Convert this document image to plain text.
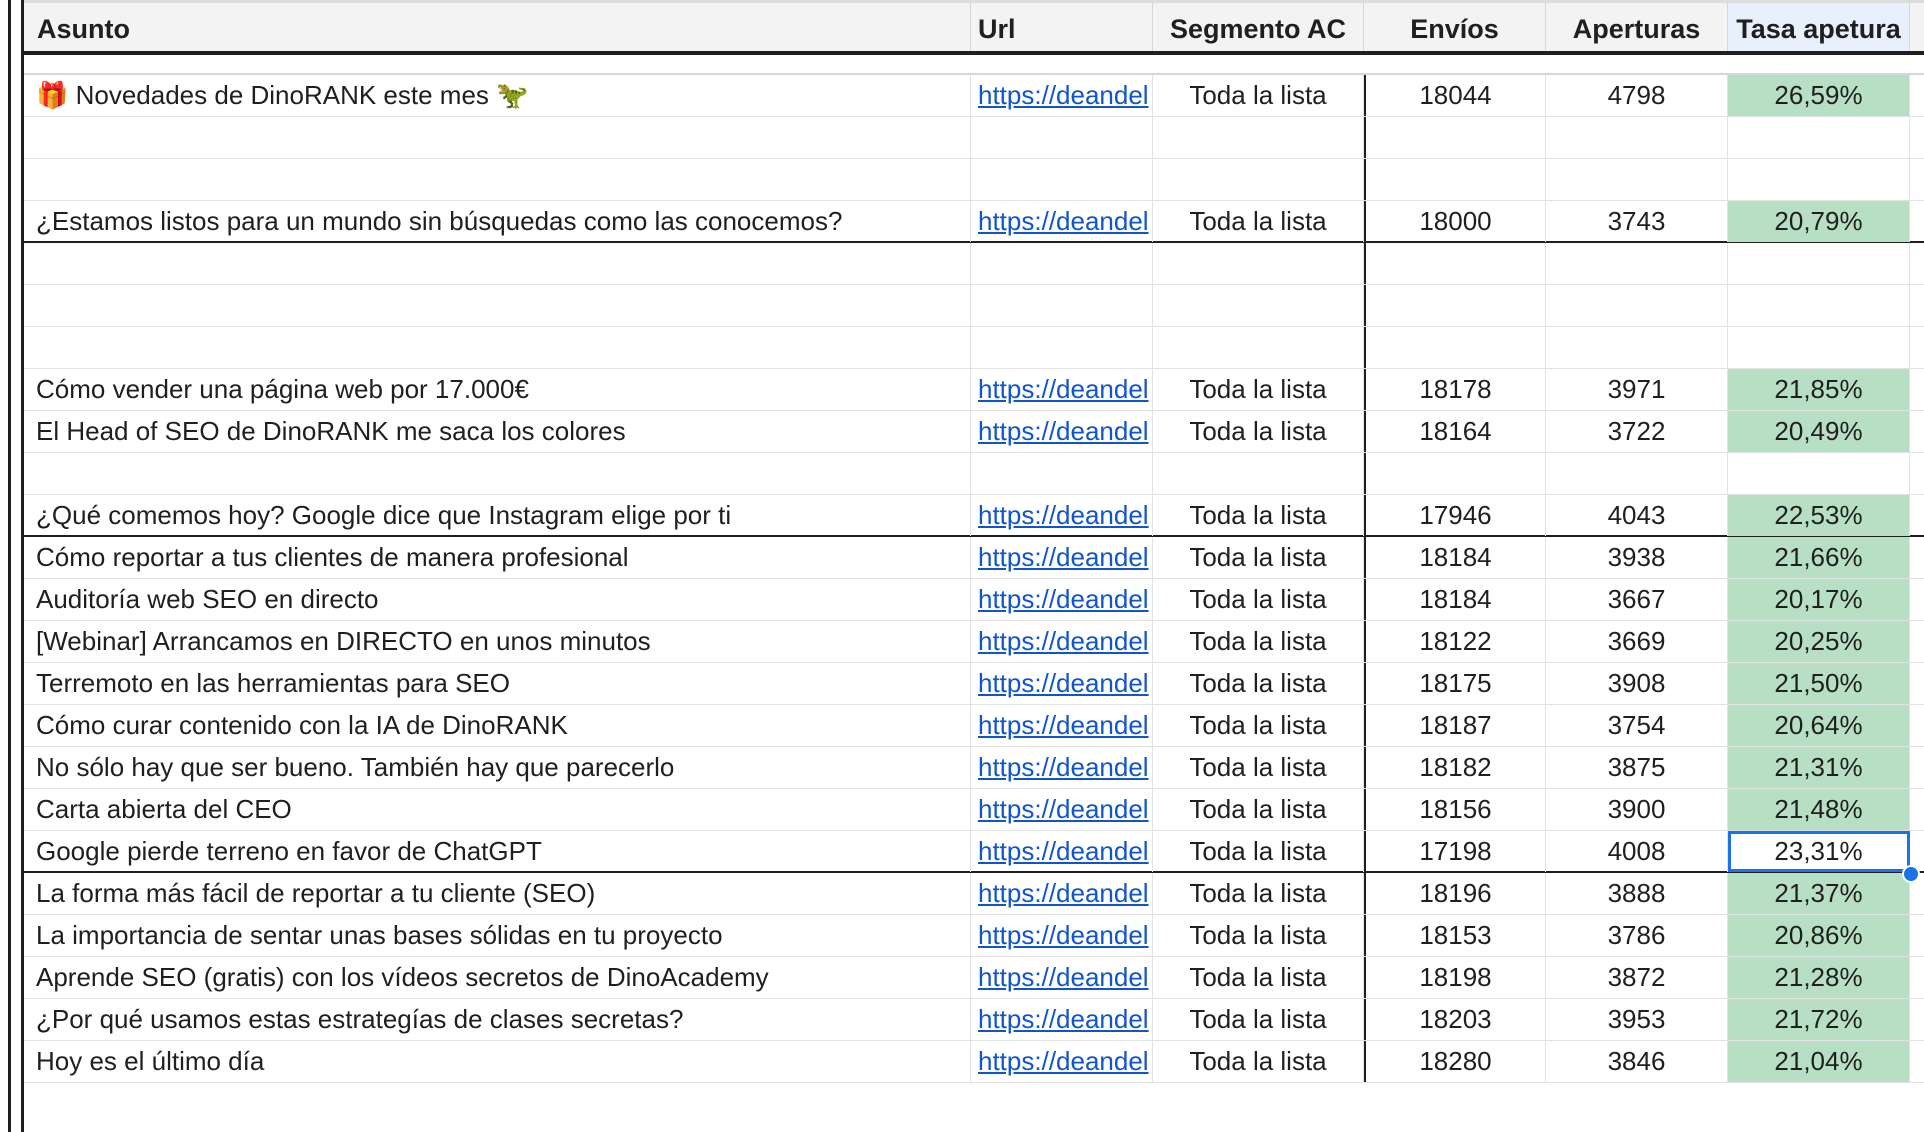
Asunto	Url	Segmento AC	Envíos	Aperturas	Tasa apetura
🎁 Novedades de DinoRANK este mes 🦖	https://deandel	Toda la lista	18044	4798	26,59%
¿Estamos listos para un mundo sin búsquedas como las conocemos?	https://deandel	Toda la lista	18000	3743	20,79%
Cómo vender una página web por 17.000€	https://deandel	Toda la lista	18178	3971	21,85%
El Head of SEO de DinoRANK me saca los colores	https://deandel	Toda la lista	18164	3722	20,49%
¿Qué comemos hoy? Google dice que Instagram elige por ti	https://deandel	Toda la lista	17946	4043	22,53%
Cómo reportar a tus clientes de manera profesional	https://deandel	Toda la lista	18184	3938	21,66%
Auditoría web SEO en directo	https://deandel	Toda la lista	18184	3667	20,17%
[Webinar] Arrancamos en DIRECTO en unos minutos	https://deandel	Toda la lista	18122	3669	20,25%
Terremoto en las herramientas para SEO	https://deandel	Toda la lista	18175	3908	21,50%
Cómo curar contenido con la IA de DinoRANK	https://deandel	Toda la lista	18187	3754	20,64%
No sólo hay que ser bueno. También hay que parecerlo	https://deandel	Toda la lista	18182	3875	21,31%
Carta abierta del CEO	https://deandel	Toda la lista	18156	3900	21,48%
Google pierde terreno en favor de ChatGPT	https://deandel	Toda la lista	17198	4008	23,31%
La forma más fácil de reportar a tu cliente (SEO)	https://deandel	Toda la lista	18196	3888	21,37%
La importancia de sentar unas bases sólidas en tu proyecto	https://deandel	Toda la lista	18153	3786	20,86%
Aprende SEO (gratis) con los vídeos secretos de DinoAcademy	https://deandel	Toda la lista	18198	3872	21,28%
¿Por qué usamos estas estrategías de clases secretas?	https://deandel	Toda la lista	18203	3953	21,72%
Hoy es el último día	https://deandel	Toda la lista	18280	3846	21,04%
